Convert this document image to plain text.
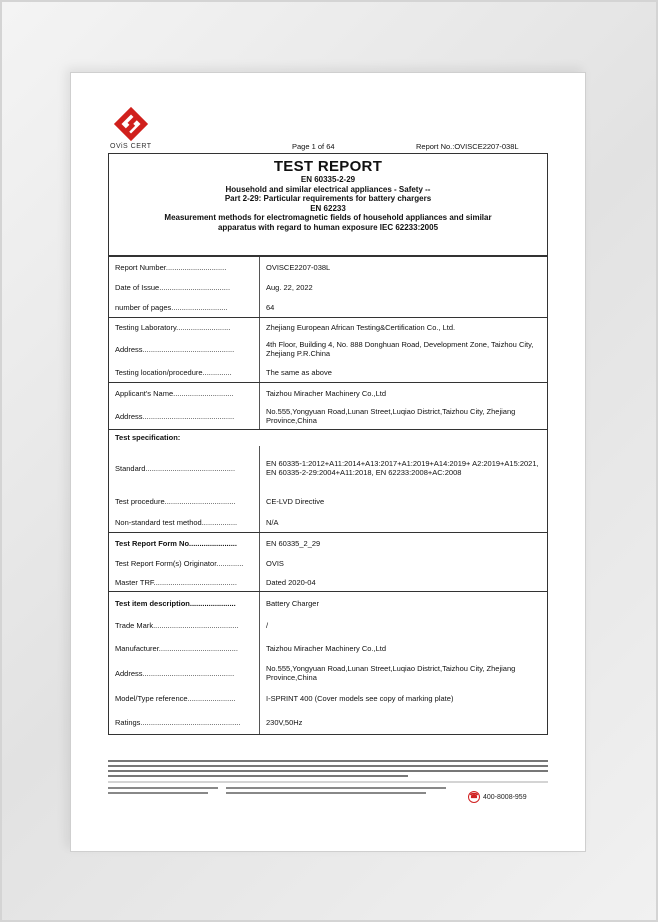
OViS CERT	Page 1 of 64	Report No.:OVISCE2207-038L
TEST REPORT
EN 60335-2-29
Household and similar electrical appliances - Safety --
Part 2-29: Particular requirements for battery chargers
EN 62233
Measurement methods for electromagnetic fields of household appliances and similar
apparatus with regard to human exposure IEC 62233:2005
Report Number.............................	OVISCE2207-038L
Date of Issue..................................	Aug. 22, 2022
number of pages...........................	64
Testing Laboratory..........................	Zhejiang European African Testing&Certification Co., Ltd.
Address............................................	4th Floor, Building 4, No. 888 Donghuan Road, Development Zone, Taizhou City, Zhejiang P.R.China
Testing location/procedure..............	The same as above
Applicant's Name.............................	Taizhou Miracher Machinery Co.,Ltd
Address............................................	No.555,Yongyuan Road,Lunan Street,Luqiao District,Taizhou City, Zhejiang Province,China
Test specification:
Standard...........................................	EN 60335-1:2012+A11:2014+A13:2017+A1:2019+A14:2019+ A2:2019+A15:2021, EN 60335-2-29:2004+A11:2018, EN 62233:2008+AC:2008
Test procedure..................................	CE-LVD Directive
Non-standard test method.................	N/A
Test Report Form No.......................	EN 60335_2_29
Test Report Form(s) Originator.............	OVIS
Master TRF........................................	Dated 2020-04
Test item description......................	Battery Charger
Trade Mark.........................................	/
Manufacturer......................................	Taizhou Miracher Machinery Co.,Ltd
Address............................................	No.555,Yongyuan Road,Lunan Street,Luqiao District,Taizhou City, Zhejiang Province,China
Model/Type reference.......................	I-SPRINT 400 (Cover models see copy of marking plate)
Ratings................................................	230V,50Hz
☎ 400-8008-959
